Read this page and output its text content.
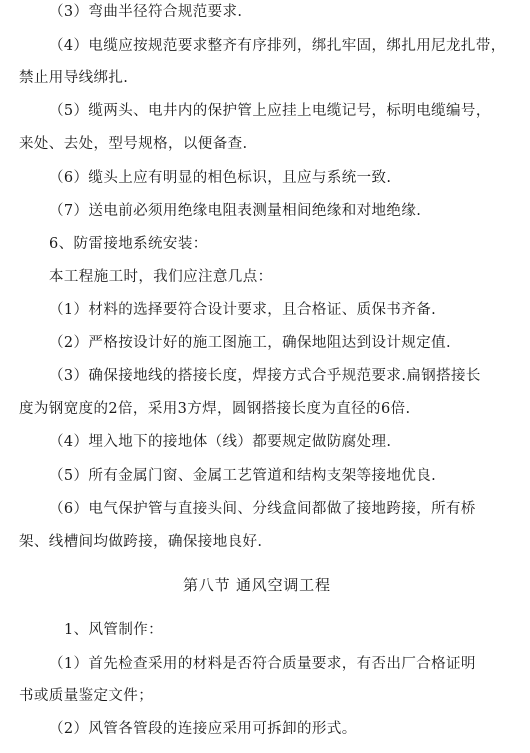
（3）弯曲半径符合规范要求.
（4）电缆应按规范要求整齐有序排列，绑扎牢固，绑扎用尼龙扎带，
禁止用导线绑扎.
（5）缆两头、电井内的保护管上应挂上电缆记号，标明电缆编号，
来处、去处，型号规格，以便备查.
（6）缆头上应有明显的相色标识，且应与系统一致.
（7）送电前必须用绝缘电阻表测量相间绝缘和对地绝缘.
6、防雷接地系统安装：
本工程施工时，我们应注意几点：
（1）材料的选择要符合设计要求，且合格证、质保书齐备.
（2）严格按设计好的施工图施工，确保地阻达到设计规定值.
（3）确保接地线的搭接长度，焊接方式合乎规范要求.扁钢搭接长
度为钢宽度的2倍，采用3方焊，圆钢搭接长度为直径的6倍.
（4）埋入地下的接地体（线）都要规定做防腐处理.
（5）所有金属门窗、金属工艺管道和结构支架等接地优良.
（6）电气保护管与直接头间、分线盒间都做了接地跨接，所有桥
架、线槽间均做跨接，确保接地良好.
第八节 通风空调工程
1、风管制作：
（1）首先检查采用的材料是否符合质量要求，有否出厂合格证明
书或质量鉴定文件；
（2）风管各管段的连接应采用可拆卸的形式。
